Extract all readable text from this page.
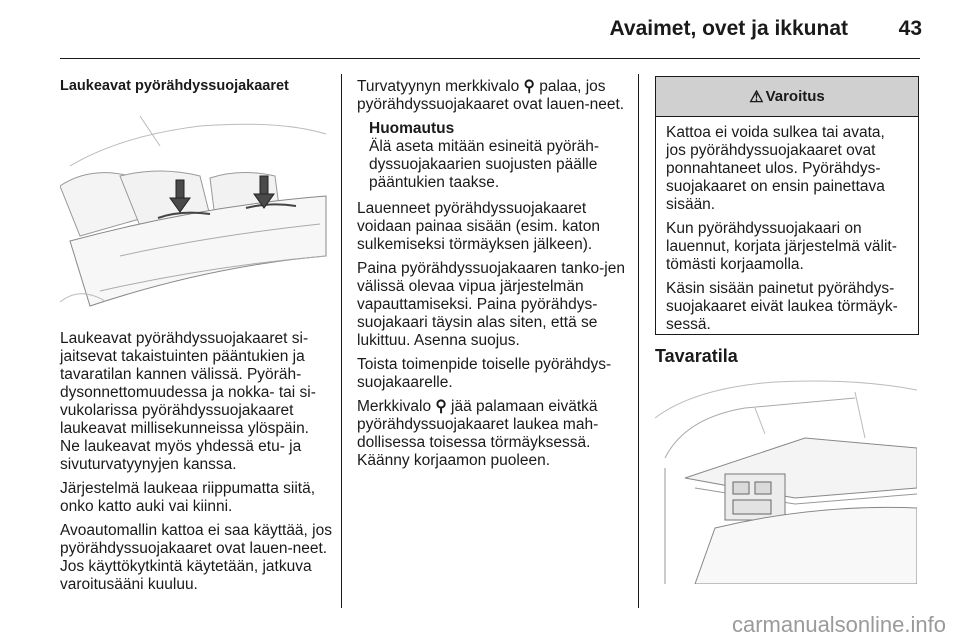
Avaimet, ovet ja ikkunat 43
Laukeavat pyörähdyssuojakaaret

Laukeavat pyörähdyssuojakaaret si-jaitsevat takaistuinten pääntukien ja tavaratilan kannen välissä. Pyöräh-dysonnettomuudessa ja nokka- tai si-vukolarissa pyörähdyssuojakaaret laukeavat millisekunneissa ylöspäin. Ne laukeavat myös yhdessä etu- ja sivuturvatyynyjen kanssa.

Järjestelmä laukeaa riippumatta siitä, onko katto auki vai kiinni.

Avoautomallin kattoa ei saa käyttää, jos pyörähdyssuojakaaret ovat lauen-neet. Jos käyttökytkintä käytetään, jatkuva varoitusääni kuuluu.

Turvatyynyn merkkivalo ⚲ palaa, jos pyörähdyssuojakaaret ovat lauen-neet.

Huomautus
Älä aseta mitään esineitä pyöräh-dyssuojakaarien suojusten päälle pääntukien taakse.

Lauenneet pyörähdyssuojakaaret voidaan painaa sisään (esim. katon sulkemiseksi törmäyksen jälkeen).

Paina pyörähdyssuojakaaren tanko-jen välissä olevaa vipua järjestelmän vapauttamiseksi. Paina pyörähdys-suojakaari täysin alas siten, että se lukittuu. Asenna suojus.

Toista toimenpide toiselle pyörähdys-suojakaarelle.

Merkkivalo ⚲ jää palamaan eivätkä pyörähdyssuojakaaret laukea mah-dollisessa toisessa törmäyksessä. Käänny korjaamon puoleen.

⚠ Varoitus

Kattoa ei voida sulkea tai avata, jos pyörähdyssuojakaaret ovat ponnahtaneet ulos. Pyörähdys-suojakaaret on ensin painettava sisään.

Kun pyörähdyssuojakaari on lauennut, korjata järjestelmä välit-tömästi korjaamolla.

Käsin sisään painetut pyörähdys-suojakaaret eivät laukea törmäyk-sessä.

Tavaratila
carmanualsonline.info
